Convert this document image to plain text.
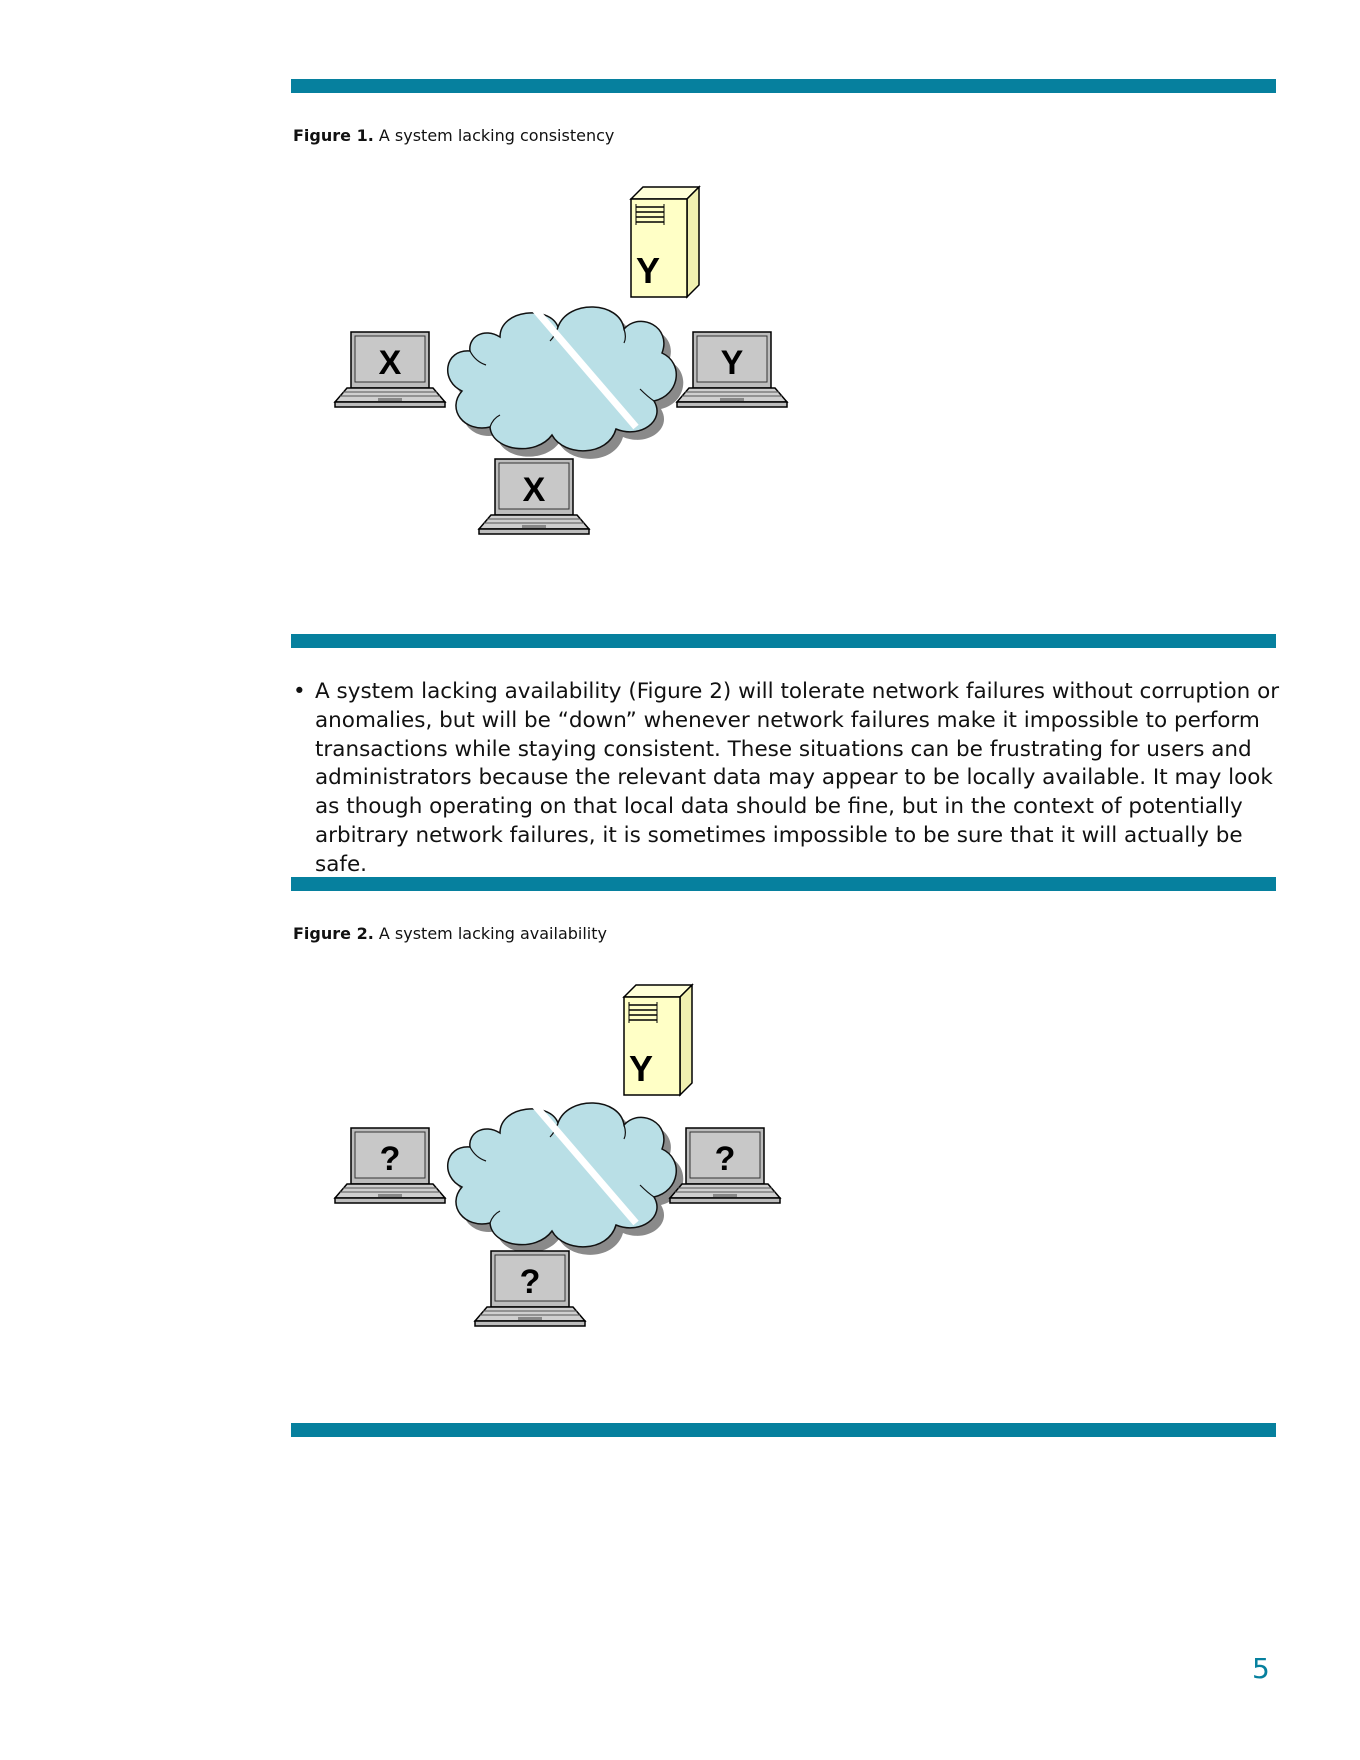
Figure 1. A system lacking consistency
Y
X	Y
X
• A system lacking availability (Figure 2) will tolerate network failures without corruption or anomalies, but will be “down” whenever network failures make it impossible to perform transactions while staying consistent. These situations can be frustrating for users and administrators because the relevant data may appear to be locally available. It may look as though operating on that local data should be fine, but in the context of potentially arbitrary network failures, it is sometimes impossible to be sure that it will actually be safe.
Figure 2. A system lacking availability
Y
?	?
?
5
